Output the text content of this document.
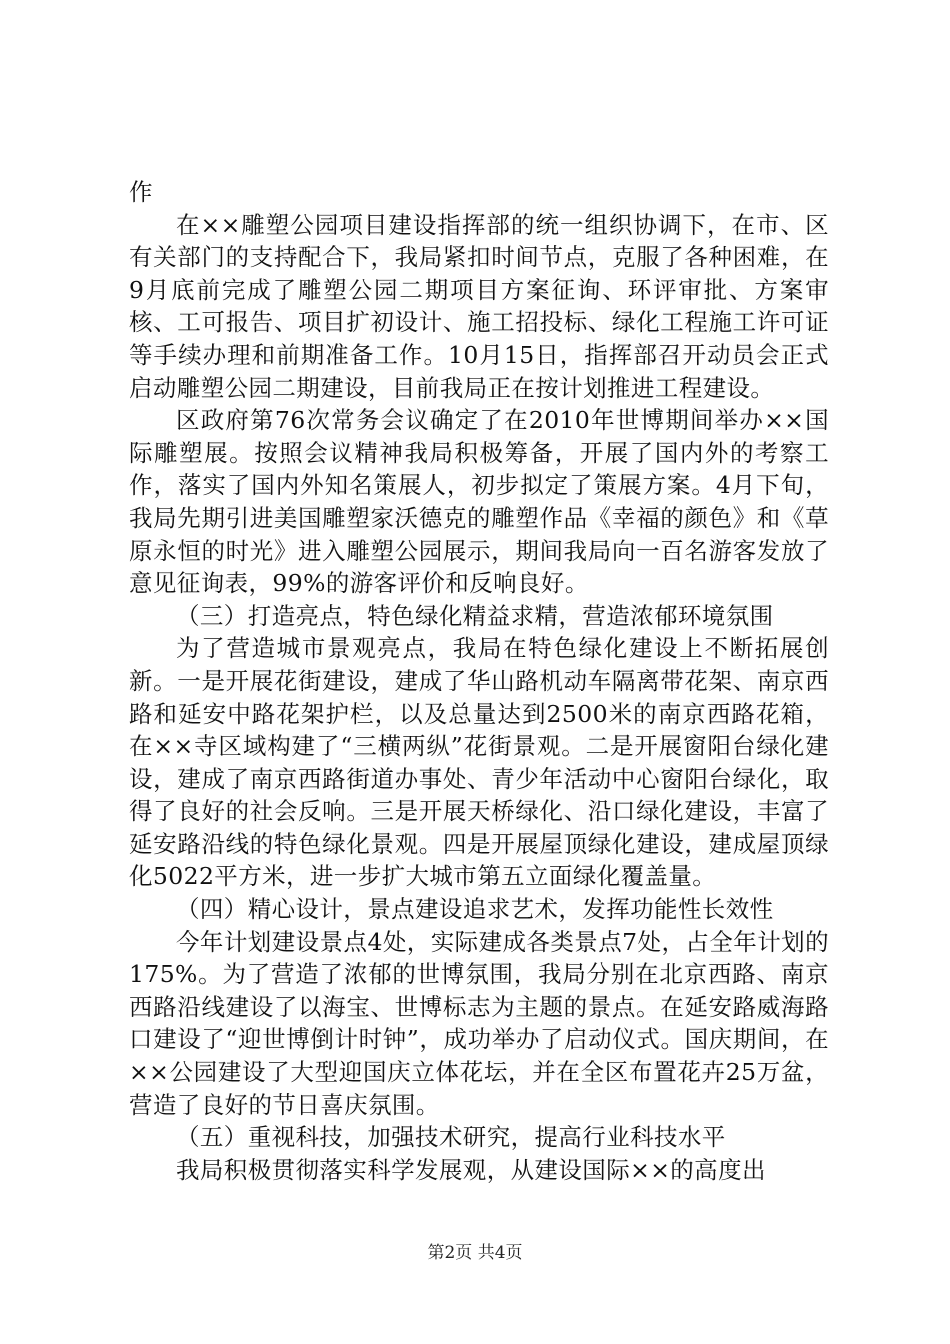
作

在××雕塑公园项目建设指挥部的统一组织协调下，在市、区有关部门的支持配合下，我局紧扣时间节点，克服了各种困难，在9月底前完成了雕塑公园二期项目方案征询、环评审批、方案审核、工可报告、项目扩初设计、施工招投标、绿化工程施工许可证等手续办理和前期准备工作。10月15日，指挥部召开动员会正式启动雕塑公园二期建设，目前我局正在按计划推进工程建设。

区政府第76次常务会议确定了在2010年世博期间举办××国际雕塑展。按照会议精神我局积极筹备，开展了国内外的考察工作，落实了国内外知名策展人，初步拟定了策展方案。4月下旬，我局先期引进美国雕塑家沃德克的雕塑作品《幸福的颜色》和《草原永恒的时光》进入雕塑公园展示，期间我局向一百名游客发放了意见征询表，99%的游客评价和反响良好。

（三）打造亮点，特色绿化精益求精，营造浓郁环境氛围

为了营造城市景观亮点，我局在特色绿化建设上不断拓展创新。一是开展花街建设，建成了华山路机动车隔离带花架、南京西路和延安中路花架护栏，以及总量达到2500米的南京西路花箱，在××寺区域构建了“三横两纵”花街景观。二是开展窗阳台绿化建设，建成了南京西路街道办事处、青少年活动中心窗阳台绿化，取得了良好的社会反响。三是开展天桥绿化、沿口绿化建设，丰富了延安路沿线的特色绿化景观。四是开展屋顶绿化建设，建成屋顶绿化5022平方米，进一步扩大城市第五立面绿化覆盖量。

（四）精心设计，景点建设追求艺术，发挥功能性长效性

今年计划建设景点4处，实际建成各类景点7处，占全年计划的175%。为了营造了浓郁的世博氛围，我局分别在北京西路、南京西路沿线建设了以海宝、世博标志为主题的景点。在延安路威海路口建设了“迎世博倒计时钟”，成功举办了启动仪式。国庆期间，在××公园建设了大型迎国庆立体花坛，并在全区布置花卉25万盆，营造了良好的节日喜庆氛围。

（五）重视科技，加强技术研究，提高行业科技水平

我局积极贯彻落实科学发展观，从建设国际××的高度出

第2页 共4页
